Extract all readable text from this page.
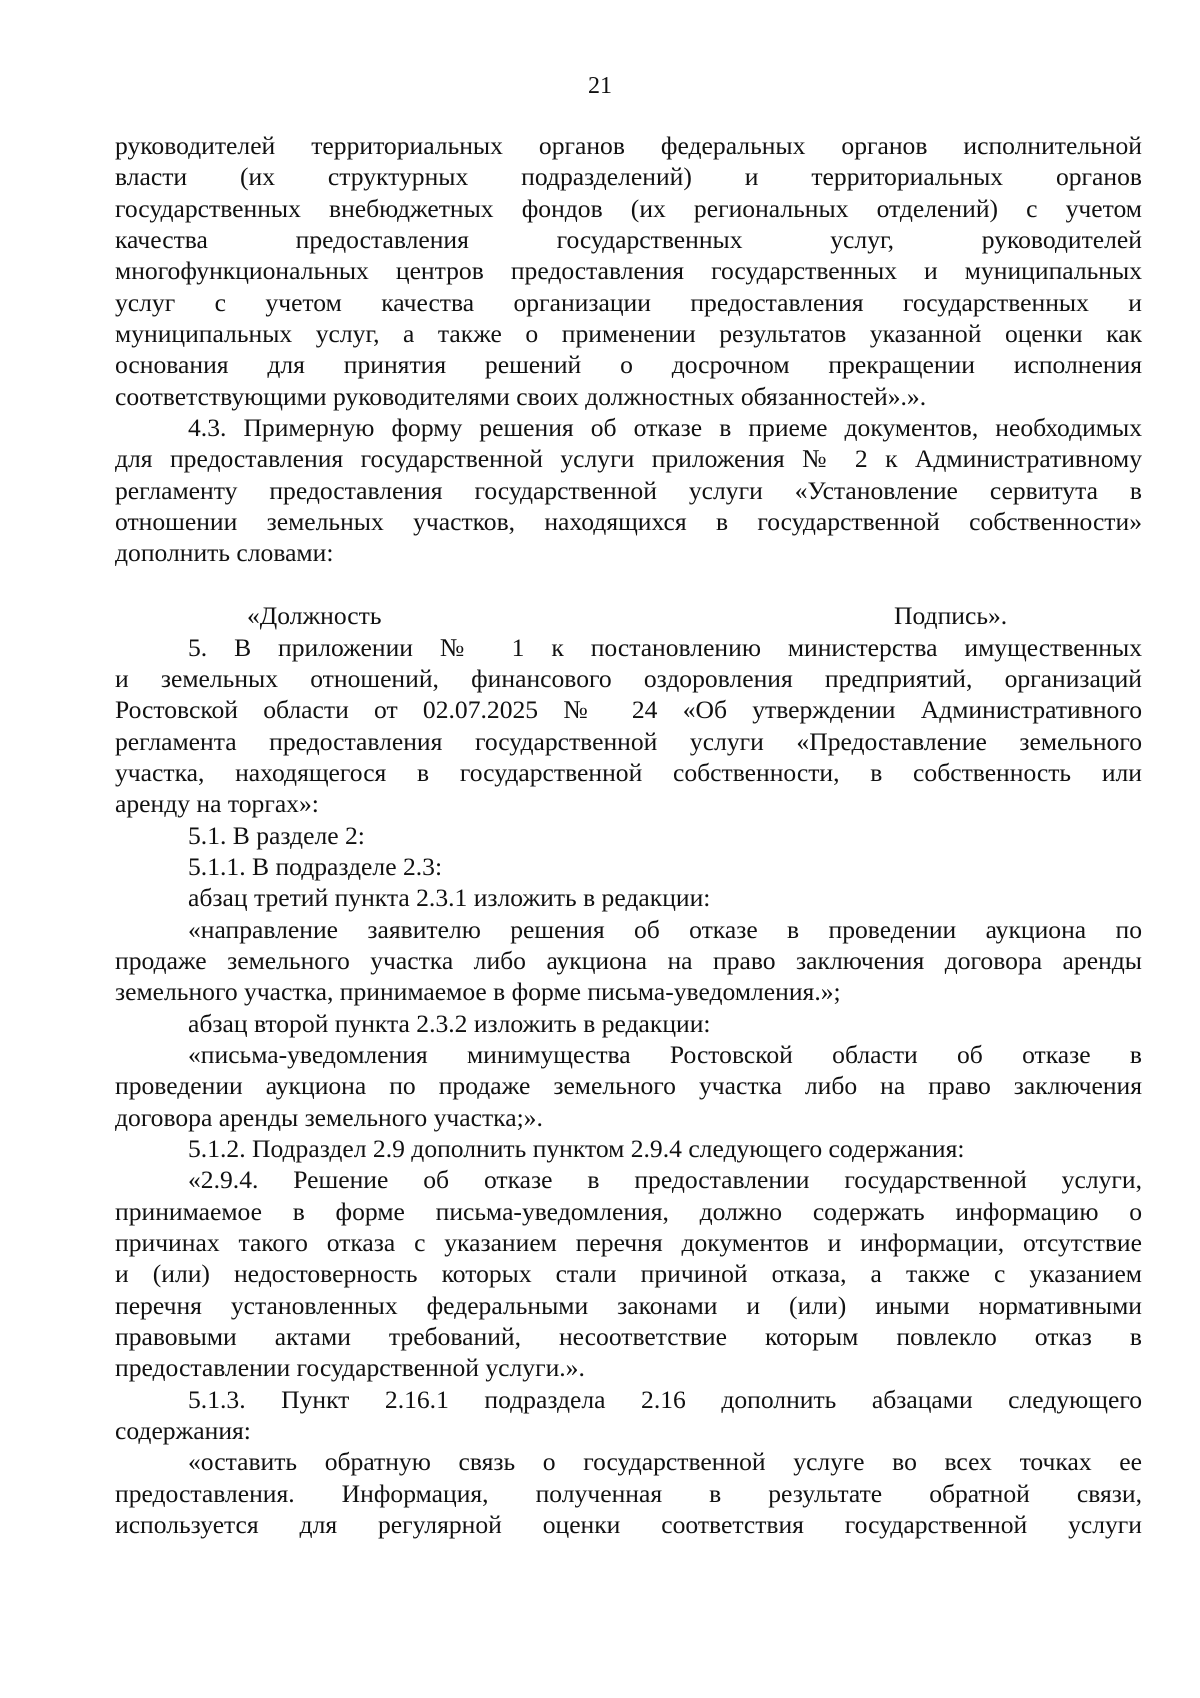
21
руководителей территориальных органов федеральных органов исполнительной
власти (их структурных подразделений) и территориальных органов
государственных внебюджетных фондов (их региональных отделений) с учетом
качества предоставления государственных услуг, руководителей
многофункциональных центров предоставления государственных и муниципальных
услуг с учетом качества организации предоставления государственных и
муниципальных услуг, а также о применении результатов указанной оценки как
основания для принятия решений о досрочном прекращении исполнения
соответствующими руководителями своих должностных обязанностей».».
4.3. Примерную форму решения об отказе в приеме документов, необходимых
для предоставления государственной услуги приложения № 2 к Административному
регламенту предоставления государственной услуги «Установление сервитута в
отношении земельных участков, находящихся в государственной собственности»
дополнить словами:
«Должность	Подпись».
5. В приложении № 1 к постановлению министерства имущественных
и земельных отношений, финансового оздоровления предприятий, организаций
Ростовской области от 02.07.2025 № 24 «Об утверждении Административного
регламента предоставления государственной услуги «Предоставление земельного
участка, находящегося в государственной собственности, в собственность или
аренду на торгах»:
5.1. В разделе 2:
5.1.1. В подразделе 2.3:
абзац третий пункта 2.3.1 изложить в редакции:
«направление заявителю решения об отказе в проведении аукциона по
продаже земельного участка либо аукциона на право заключения договора аренды
земельного участка, принимаемое в форме письма-уведомления.»;
абзац второй пункта 2.3.2 изложить в редакции:
«письма-уведомления минимущества Ростовской области об отказе в
проведении аукциона по продаже земельного участка либо на право заключения
договора аренды земельного участка;».
5.1.2. Подраздел 2.9 дополнить пунктом 2.9.4 следующего содержания:
«2.9.4. Решение об отказе в предоставлении государственной услуги,
принимаемое в форме письма-уведомления, должно содержать информацию о
причинах такого отказа с указанием перечня документов и информации, отсутствие
и (или) недостоверность которых стали причиной отказа, а также с указанием
перечня установленных федеральными законами и (или) иными нормативными
правовыми актами требований, несоответствие которым повлекло отказ в
предоставлении государственной услуги.».
5.1.3. Пункт 2.16.1 подраздела 2.16 дополнить абзацами следующего
содержания:
«оставить обратную связь о государственной услуге во всех точках ее
предоставления. Информация, полученная в результате обратной связи,
используется для регулярной оценки соответствия государственной услуги
